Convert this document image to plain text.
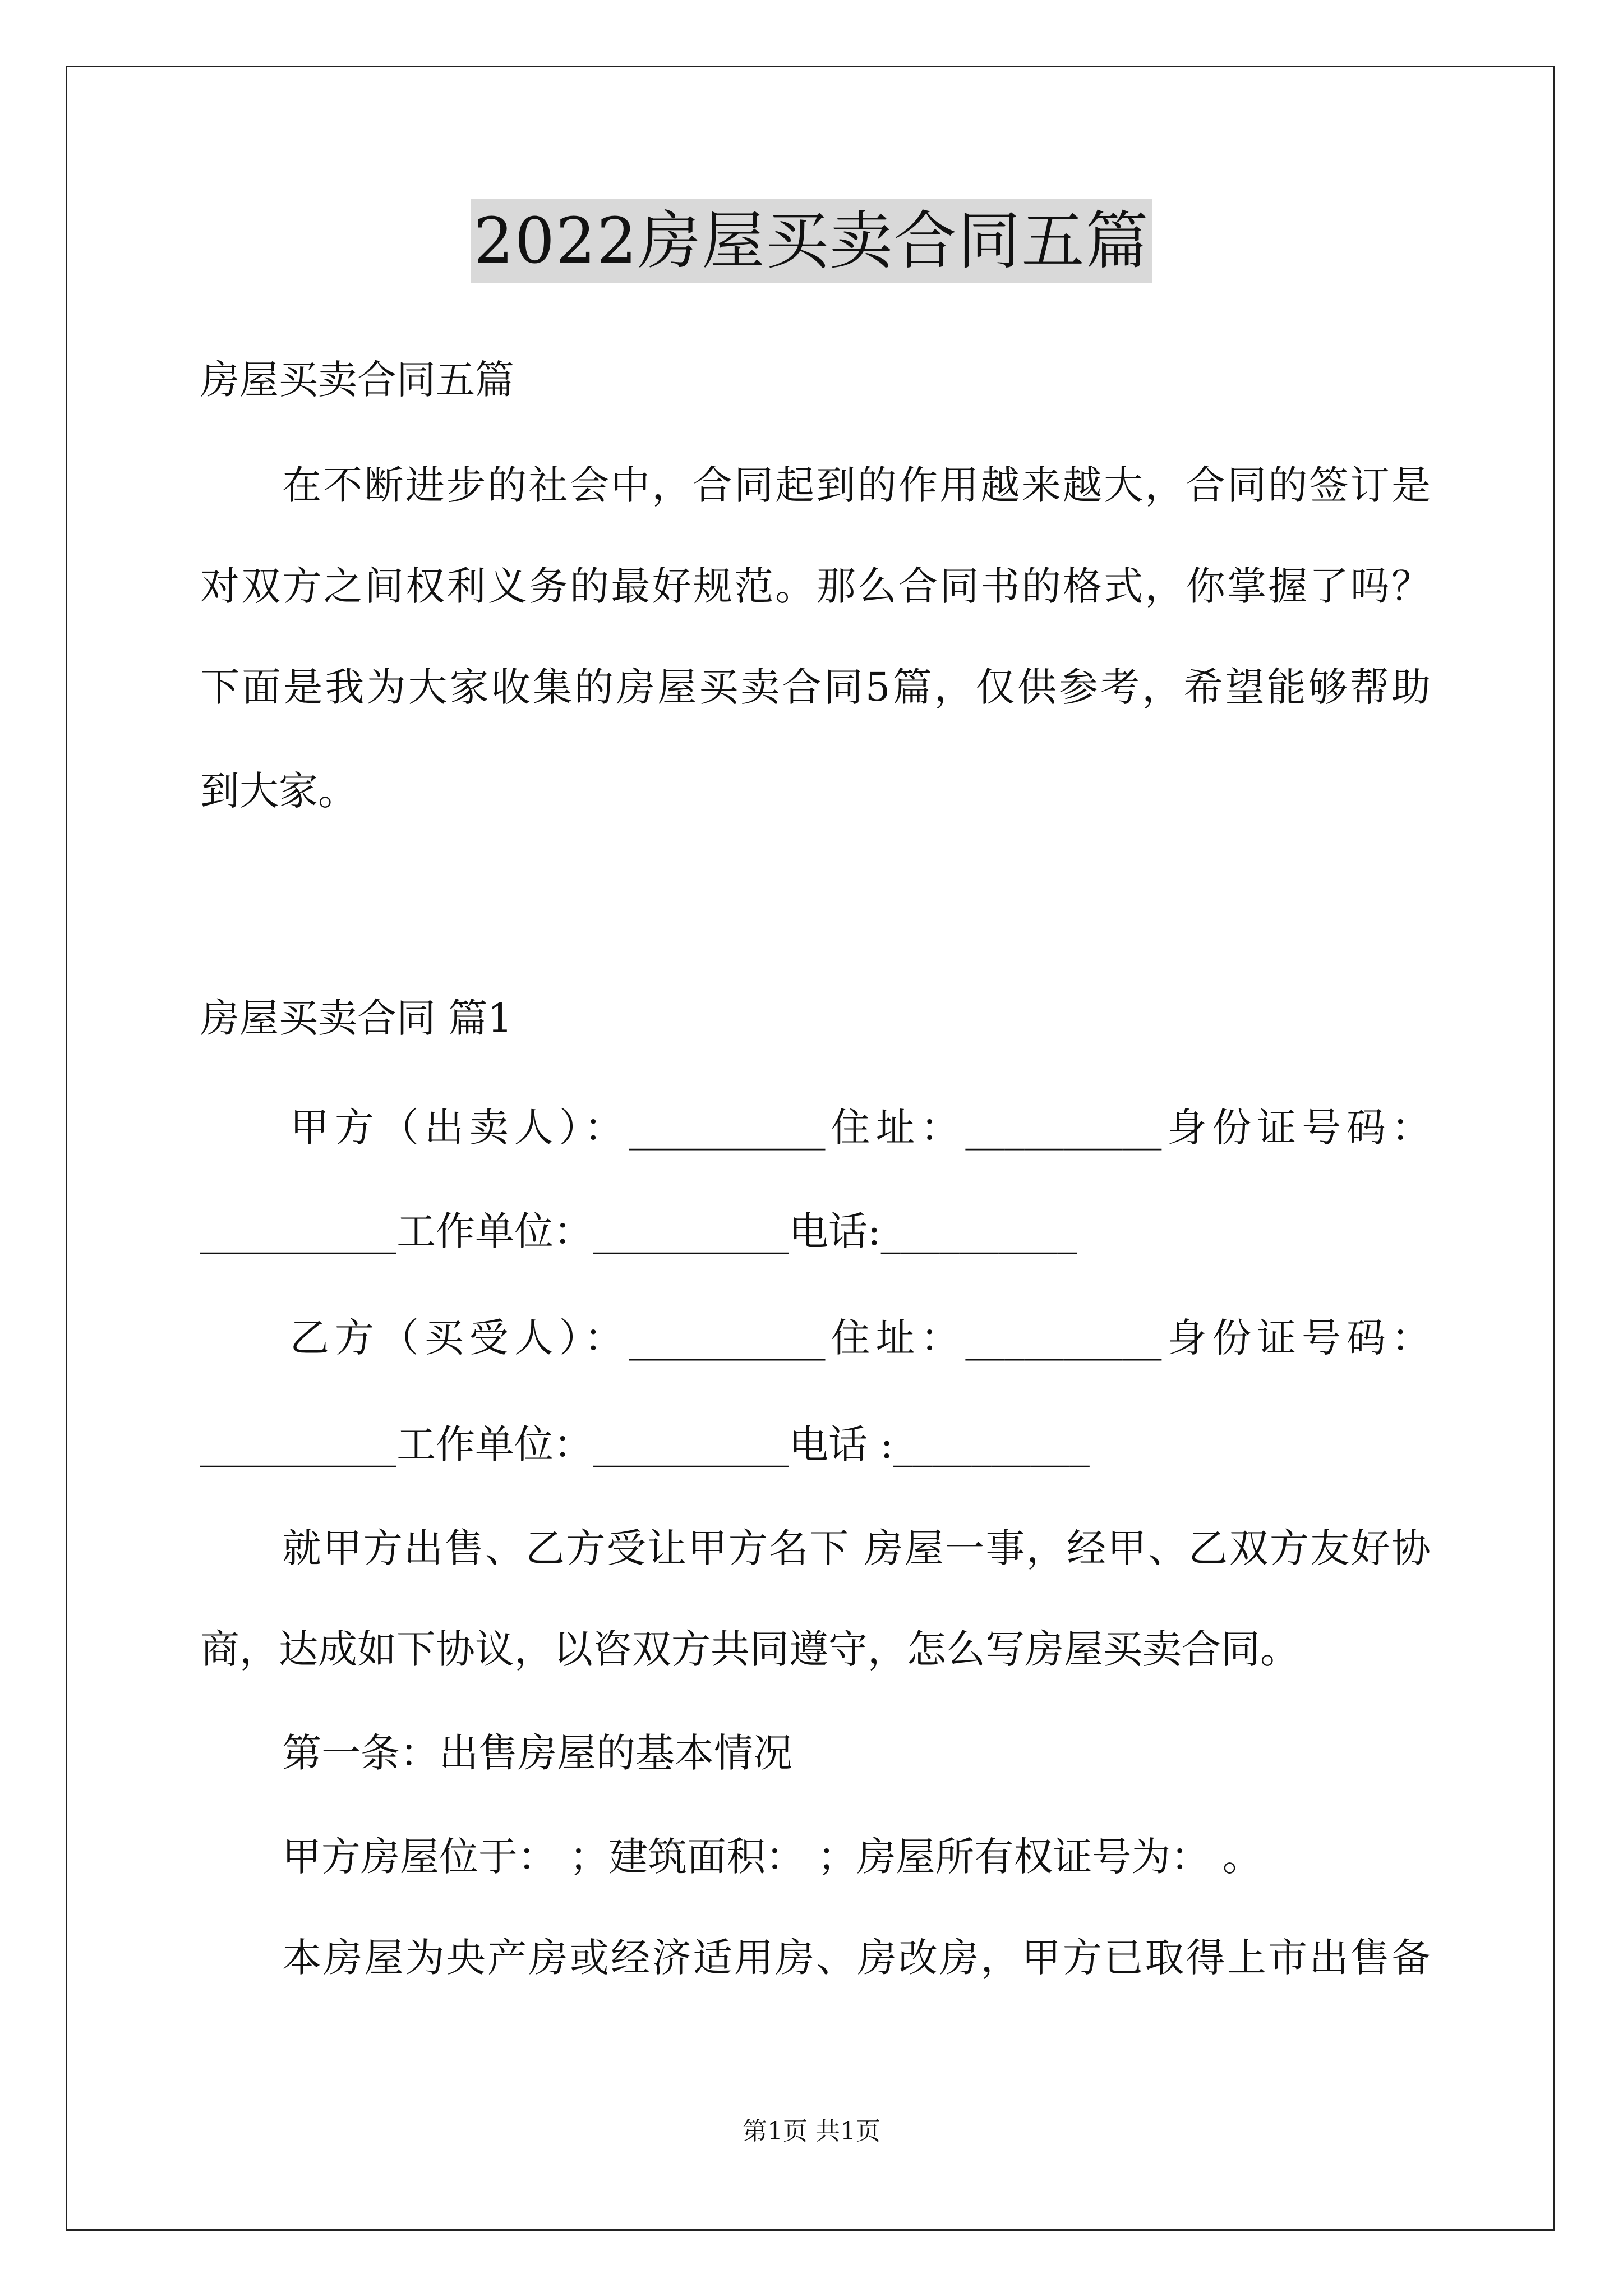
2022房屋买卖合同五篇
房屋买卖合同五篇
在不断进步的社会中，合同起到的作用越来越大，合同的签订是
对双方之间权利义务的最好规范。那么合同书的格式，你掌握了吗？
下面是我为大家收集的房屋买卖合同5篇，仅供参考，希望能够帮助
到大家。
房屋买卖合同 篇1
甲方（出卖人）：__________住址：__________身份证号码：
__________工作单位：__________电话:__________
乙方（买受人）：__________住址：__________身份证号码：
__________工作单位：__________电话 :__________
就甲方出售、乙方受让甲方名下 房屋一事，经甲、乙双方友好协
商，达成如下协议，以咨双方共同遵守，怎么写房屋买卖合同。
第一条：出售房屋的基本情况
甲方房屋位于： ；建筑面积： ；房屋所有权证号为： 。
本房屋为央产房或经济适用房、房改房，甲方已取得上市出售备
第1页 共1页
